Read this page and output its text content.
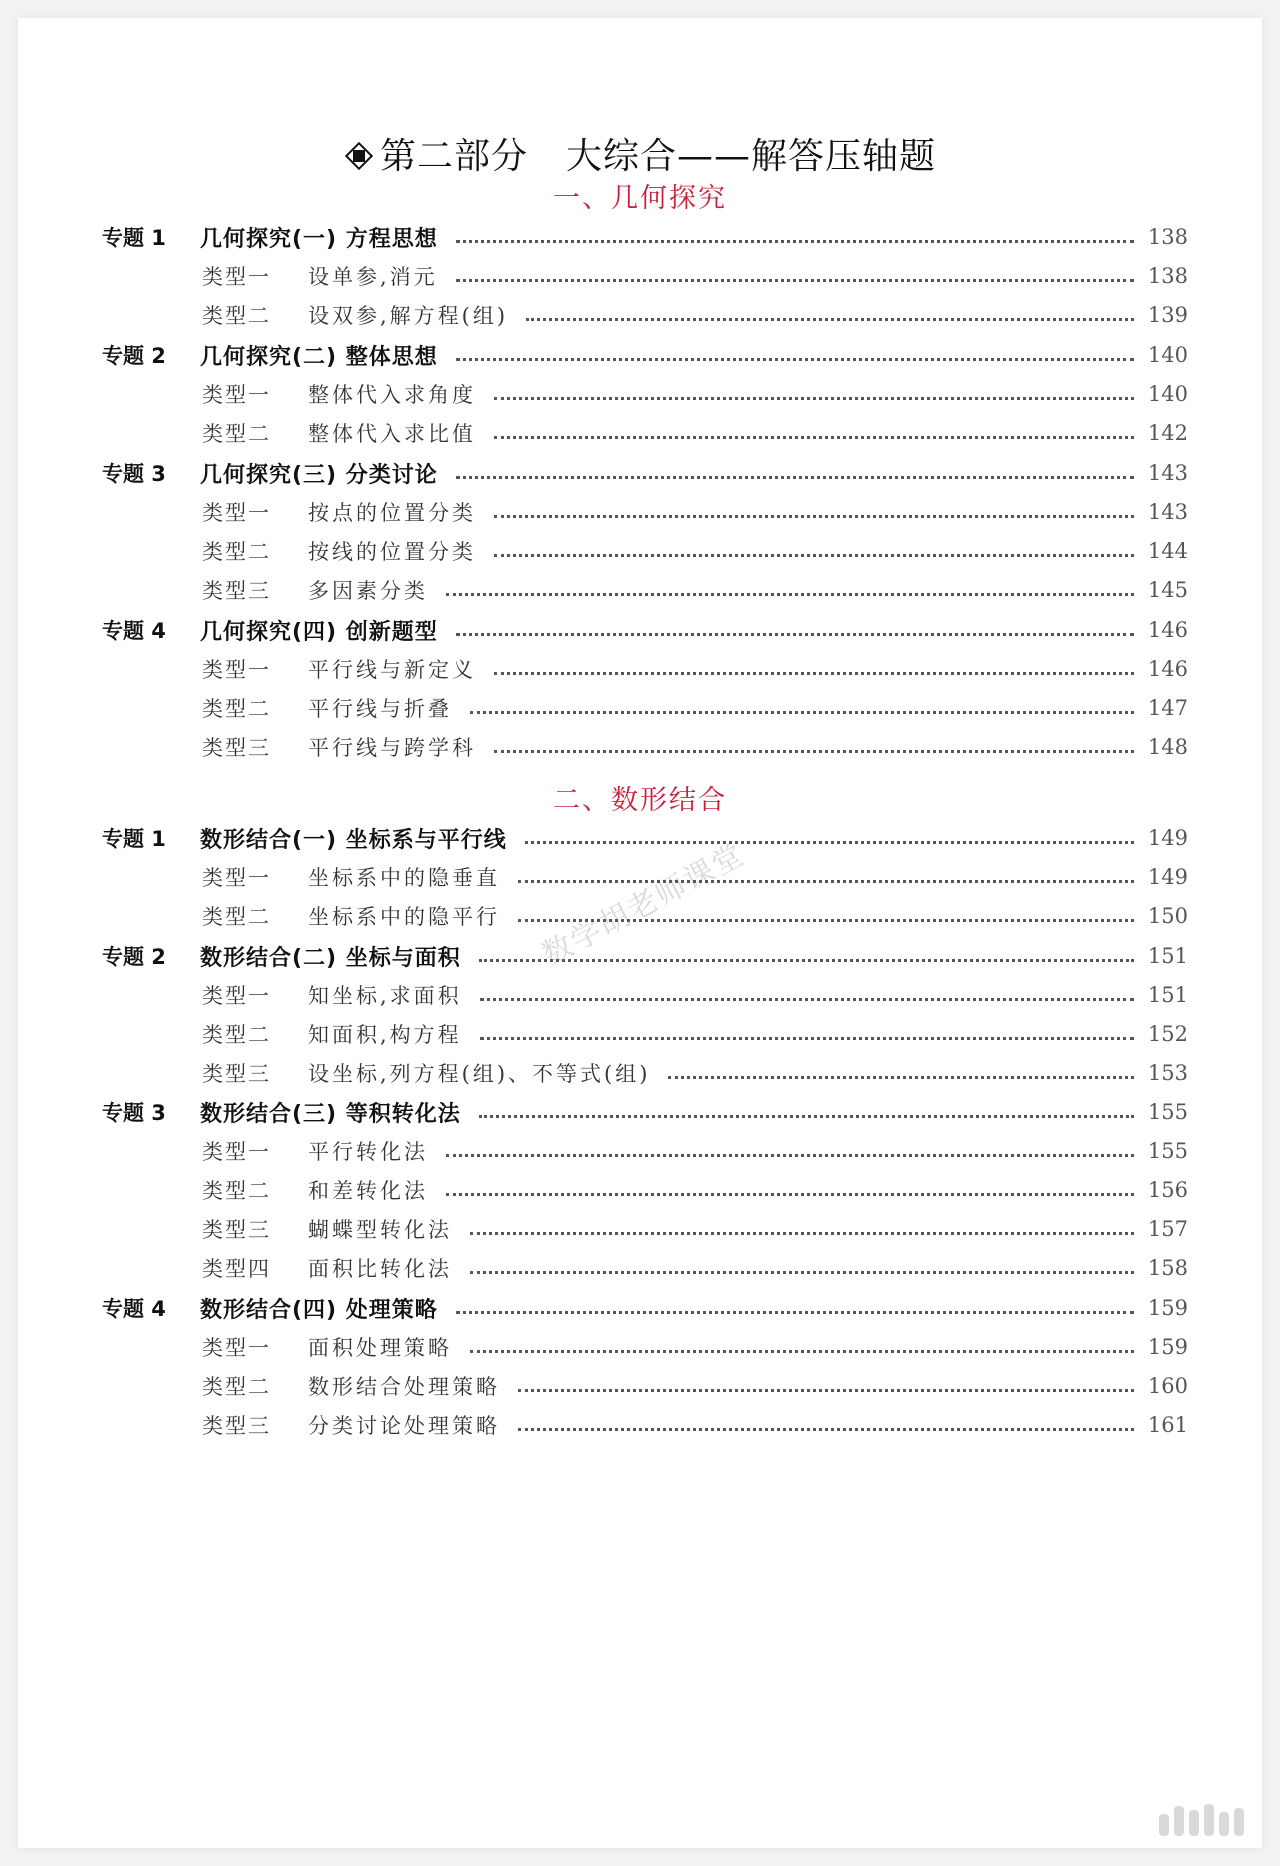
第二部分 大综合——解答压轴题
数学胡老师课堂
一、几何探究
专题 1	几何探究(一) 方程思想	138
类型一	设单参,消元	138
类型二	设双参,解方程(组)	139
专题 2	几何探究(二) 整体思想	140
类型一	整体代入求角度	140
类型二	整体代入求比值	142
专题 3	几何探究(三) 分类讨论	143
类型一	按点的位置分类	143
类型二	按线的位置分类	144
类型三	多因素分类	145
专题 4	几何探究(四) 创新题型	146
类型一	平行线与新定义	146
类型二	平行线与折叠	147
类型三	平行线与跨学科	148
二、数形结合
专题 1	数形结合(一) 坐标系与平行线	149
类型一	坐标系中的隐垂直	149
类型二	坐标系中的隐平行	150
专题 2	数形结合(二) 坐标与面积	151
类型一	知坐标,求面积	151
类型二	知面积,构方程	152
类型三	设坐标,列方程(组)、不等式(组)	153
专题 3	数形结合(三) 等积转化法	155
类型一	平行转化法	155
类型二	和差转化法	156
类型三	蝴蝶型转化法	157
类型四	面积比转化法	158
专题 4	数形结合(四) 处理策略	159
类型一	面积处理策略	159
类型二	数形结合处理策略	160
类型三	分类讨论处理策略	161
